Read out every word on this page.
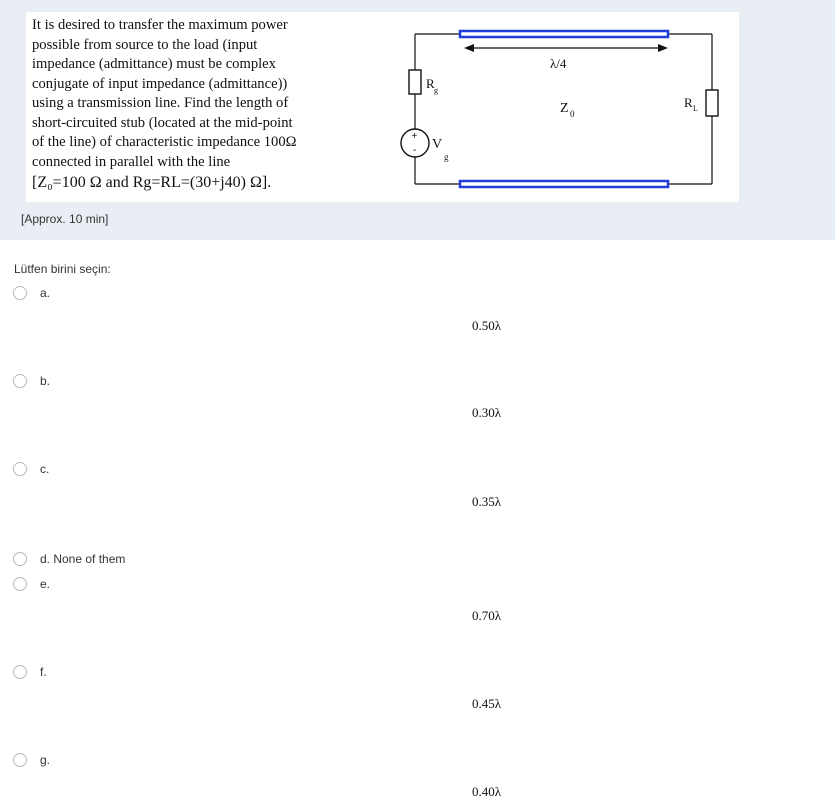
It is desired to transfer the maximum power
possible from source to the load (input
impedance (admittance) must be complex
conjugate of input impedance (admittance))
using a transmission line. Find the length of
short-circuited stub (located at the mid-point
of the line) of characteristic impedance 100Ω
connected in parallel with the line
[Z₀=100 Ω and Rg=RL=(30+j40) Ω].
λ/4
Z 0
R g
+
- V
g
R L
[Approx. 10 min]
Lütfen birini seçin:
a.
0.50λ
b.
0.30λ
c.
0.35λ
d. None of them
e.
0.70λ
f.
0.45λ
g.
0.40λ
